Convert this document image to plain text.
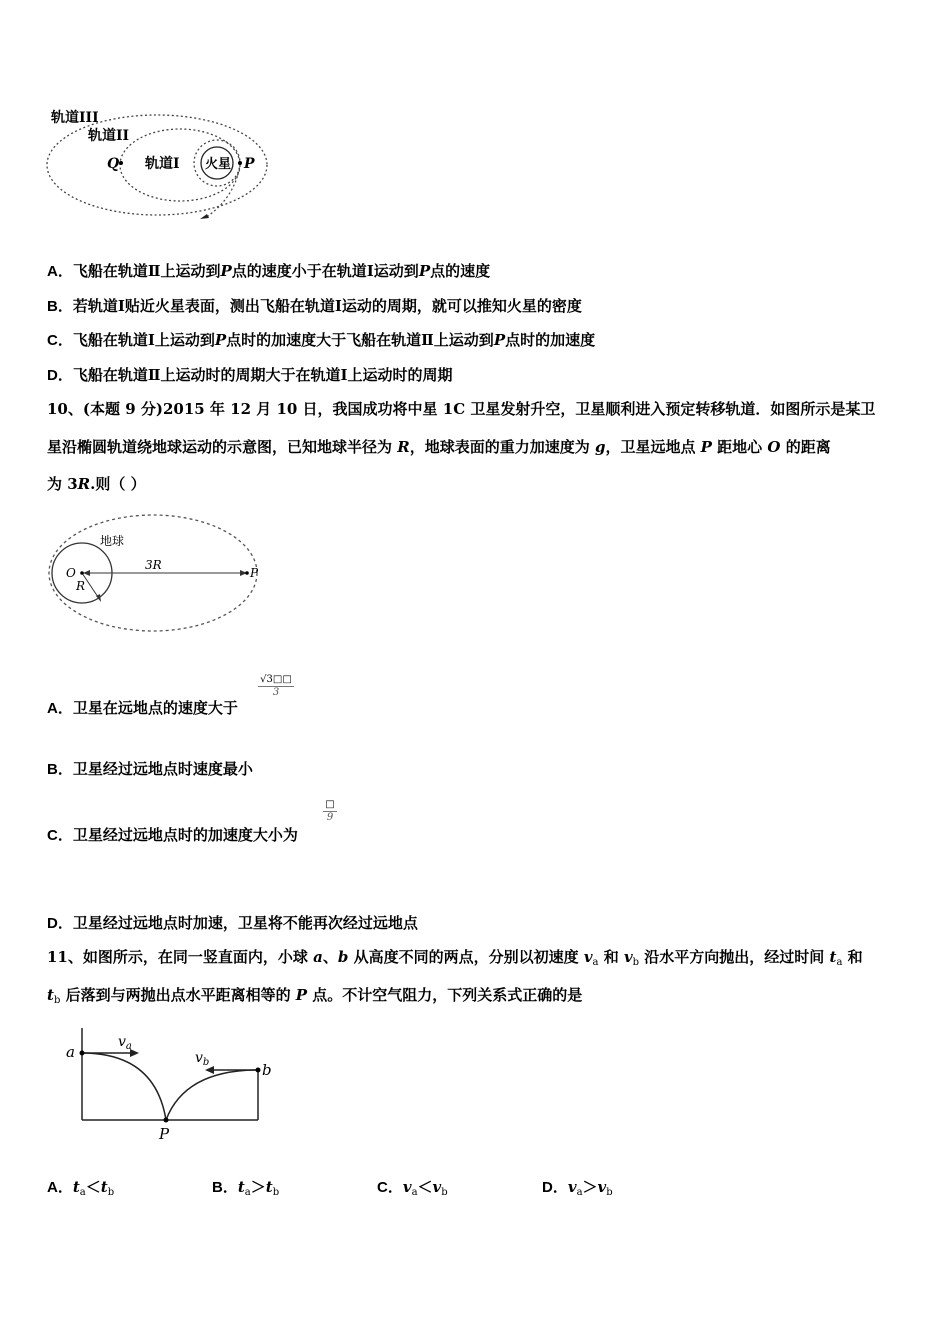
轨道III
轨道II
轨道I 火星
Q	P
A．飞船在轨道Ⅱ上运动到P点的速度小于在轨道Ⅰ运动到P点的速度
B．若轨道Ⅰ贴近火星表面，测出飞船在轨道Ⅰ运动的周期，就可以推知火星的密度
C．飞船在轨道Ⅰ上运动到P点时的加速度大于飞船在轨道Ⅱ上运动到P点时的加速度
D．飞船在轨道Ⅱ上运动时的周期大于在轨道Ⅰ上运动时的周期
10、(本题 9 分)2015 年 12 月 10 日，我国成功将中星 1C 卫星发射升空，卫星顺利进入预定转移轨道．如图所示是某卫
星沿椭圆轨道绕地球运动的示意图，已知地球半径为 R，地球表面的重力加速度为 g，卫星远地点 P 距地心 O 的距离
为 3R.则（ ）
地球
O
R
3R
P
A．卫星在远地点的速度大于
√3□□
3
B．卫星经过远地点时速度最小
C．卫星经过远地点时的加速度大小为
□
9
D．卫星经过远地点时加速，卫星将不能再次经过远地点
11、如图所示，在同一竖直面内，小球 a、b 从高度不同的两点，分别以初速度 $v_a$ 和 $v_b$ 沿水平方向抛出，经过时间 $t_a$ 和
$t_b$ 后落到与两抛出点水平距离相等的 P 点。不计空气阻力，下列关系式正确的是
a
b
$v_a$
$v_b$
P
A．$t_a<t_b$	B．$t_a>t_b$	C．$v_a<v_b$	D．$v_a>v_b$
